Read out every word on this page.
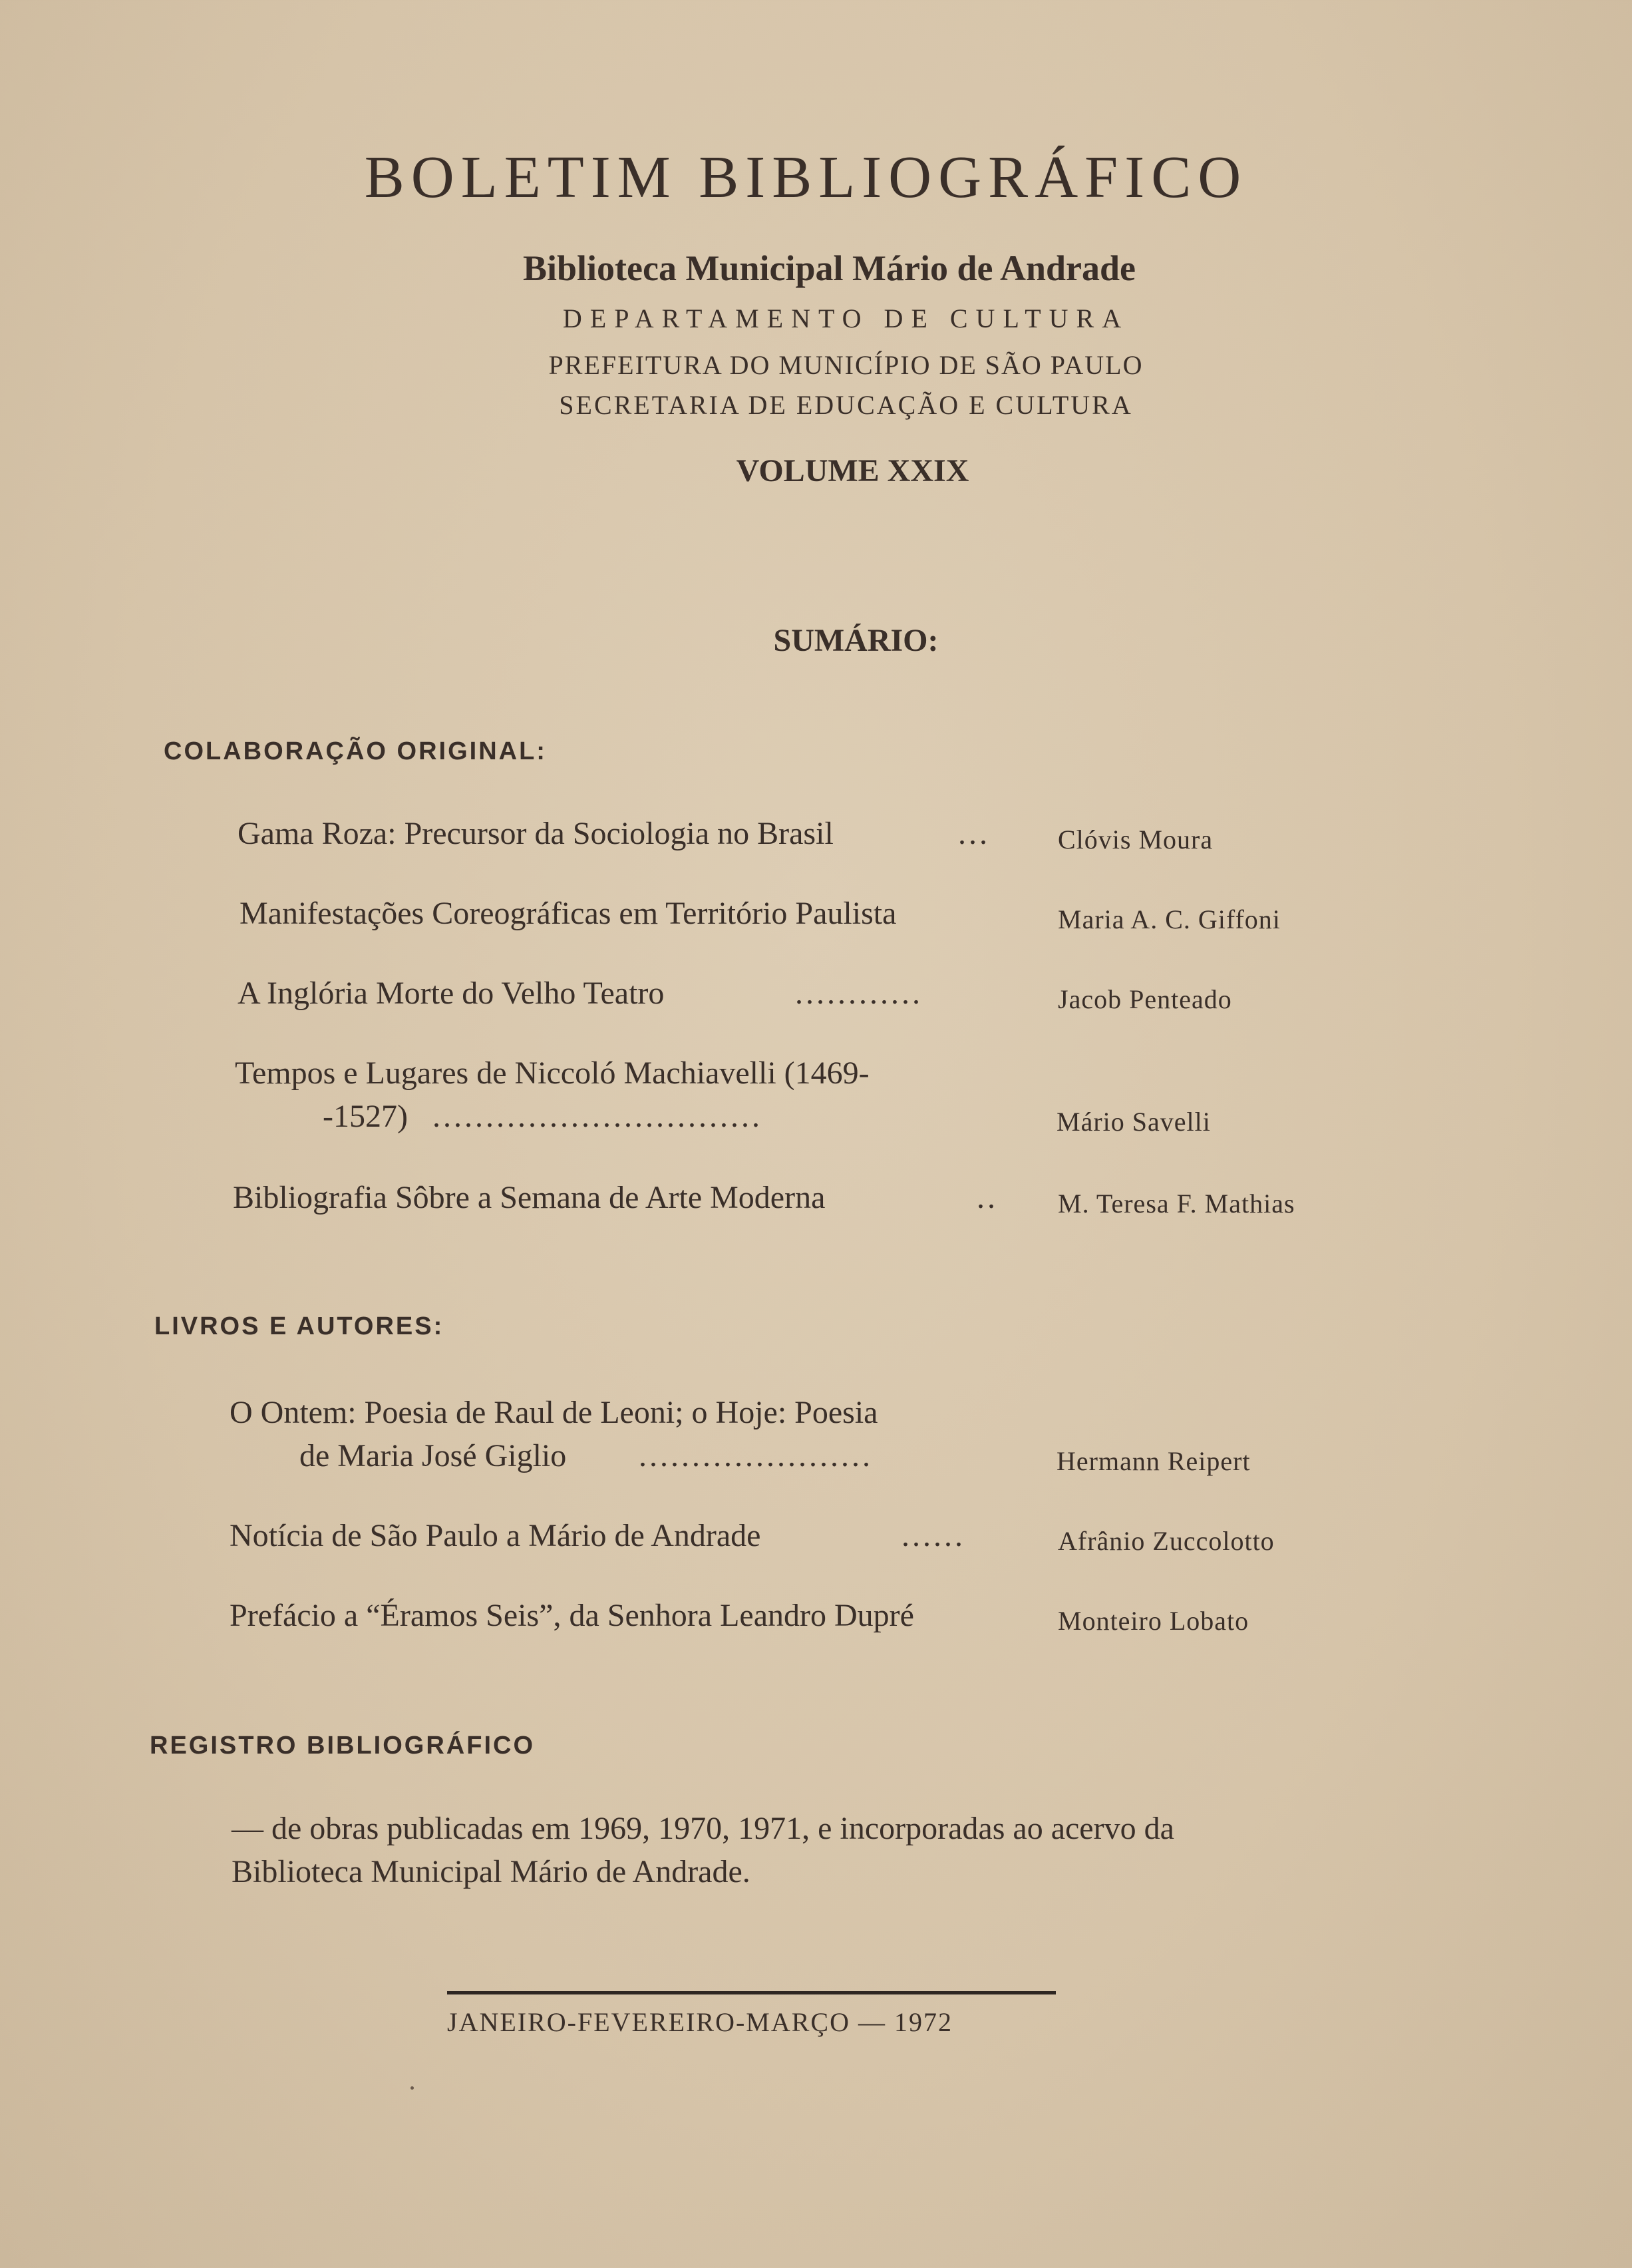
BOLETIM BIBLIOGRÁFICO
Biblioteca Municipal Mário de Andrade
DEPARTAMENTO DE CULTURA
PREFEITURA DO MUNICÍPIO DE SÃO PAULO
SECRETARIA DE EDUCAÇÃO E CULTURA
VOLUME XXIX
SUMÁRIO:
COLABORAÇÃO ORIGINAL:
Gama Roza: Precursor da Sociologia no Brasil	...	Clóvis Moura
Manifestações Coreográficas em Território Paulista	Maria A. C. Giffoni
A Inglória Morte do Velho Teatro	............	Jacob Penteado
Tempos e Lugares de Niccoló Machiavelli (1469-
-1527) ...............................	Mário Savelli
Bibliografia Sôbre a Semana de Arte Moderna	.. M. Teresa F. Mathias
LIVROS E AUTORES:
O Ontem: Poesia de Raul de Leoni; o Hoje: Poesia
de Maria José Giglio ......................	Hermann Reipert
Notícia de São Paulo a Mário de Andrade	......	Afrânio Zuccolotto
Prefácio a “Éramos Seis”, da Senhora Leandro Dupré	Monteiro Lobato
REGISTRO BIBLIOGRÁFICO
— de obras publicadas em 1969, 1970, 1971, e incorporadas ao acervo da
Biblioteca Municipal Mário de Andrade.
JANEIRO-FEVEREIRO-MARÇO — 1972
